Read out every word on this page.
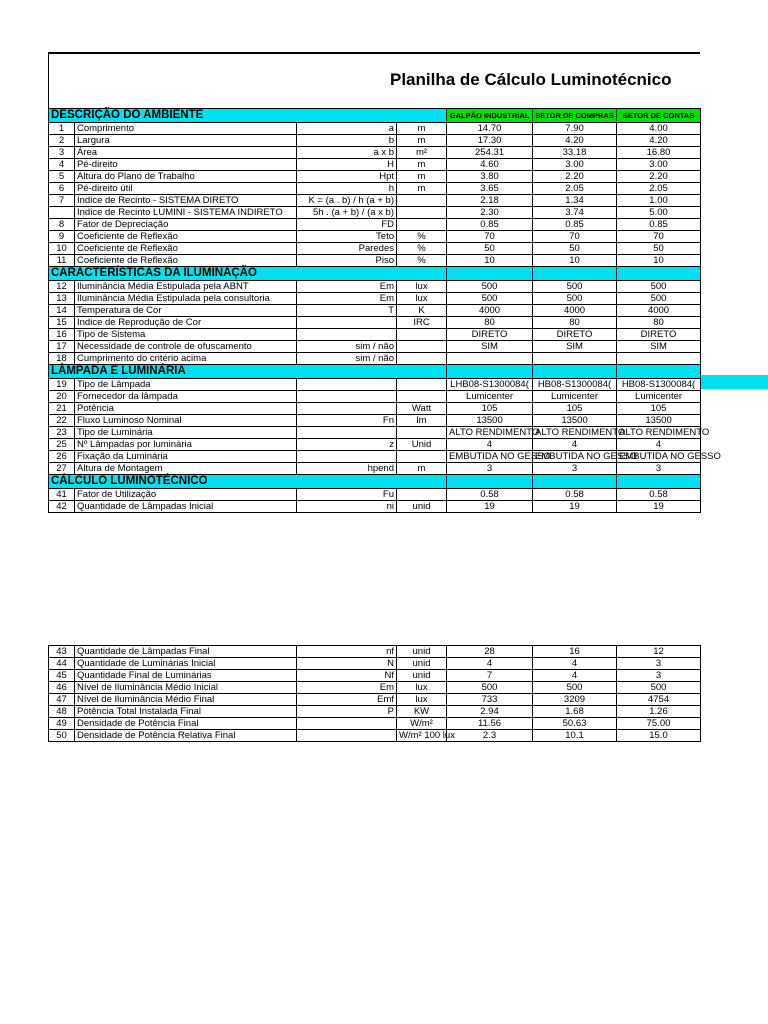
Planilha de Cálculo Luminotécnico
DESCRIÇÃO DO AMBIENTE				GALPÃO INDUSTRIAL	SETOR DE COMPRAS	SETOR DE CONTAS
1	Comprimento	a	m	14.70	7.90	4.00
2	Largura	b	m	17.30	4.20	4.20
3	Área	a x b	m²	254.31	33.18	16.80
4	Pé-direito	H	m	4.60	3.00	3.00
5	Altura do Plano de Trabalho	Hpt	m	3.80	2.20	2.20
6	Pé-direito útil	h	m	3.65	2.05	2.05
7	Indice de Recinto - SISTEMA DIRETO	K = (a . b) / h (a + b)		2.18	1.34	1.00
	Indice de Recinto LUMINI - SISTEMA INDIRETO	5h . (a + b) / (a x b)		2.30	3.74	5.00
8	Fator de Depreciação	FD		0.85	0.85	0.85
9	Coeficiente de Reflexão	Teto	%	70	70	70
10	Coeficiente de Reflexão	Paredes	%	50	50	50
11	Coeficiente de Reflexão	Piso	%	10	10	10
CARACTERÍSTICAS DA ILUMINAÇÃO						
12	Iluminância Média Estipulada pela ABNT	Em	lux	500	500	500
13	Iluminância Média Estipulada pela consultoria	Em	lux	500	500	500
14	Temperatura de Cor	T	K	4000	4000	4000
15	Indice de Reprodução de Cor		IRC	80	80	80
16	Tipo de Sistema			DIRETO	DIRETO	DIRETO
17	Necessidade de controle de ofuscamento	sim / não		SIM	SIM	SIM
18	Cumprimento do critério acima	sim / não				
LÂMPADA E LUMINÁRIA						
19	Tipo de Lâmpada			LHB08-S1300084(	HB08-S1300084(	HB08-S1300084(
20	Fornecedor da lâmpada			Lumicenter	Lumicenter	Lumicenter
21	Potência		Watt	105	105	105
22	Fluxo Luminoso Nominal	Fn	lm	13500	13500	13500
23	Tipo de Luminária			ALTO RENDIMENTO	ALTO RENDIMENTO	ALTO RENDIMENTO
25	Nº Lâmpadas por luminária	z	Unid	4	4	4
26	Fixação da Luminária			EMBUTIDA NO GESSO	EMBUTIDA NO GESSO	EMBUTIDA NO GESSO
27	Altura de Montagem	hpend	m	3	3	3
CÁLCULO LUMINOTÉCNICO						
41	Fator de Utilização	Fu		0.58	0.58	0.58
42	Quantidade de Lâmpadas Inicial	ni	unid	19	19	19
43	Quantidade de Lâmpadas Final	nf	unid	28	16	12
44	Quantidade de Luminárias Inicial	N	unid	4	4	3
45	Quantidade Final de Luminárias	Nf	unid	7	4	3
46	Nível de Iluminância Médio Inicial	Em	lux	500	500	500
47	Nível de Iluminância Médio Final	Emf	lux	733	3209	4754
48	Potência Total Instalada Final	P	KW	2.94	1.68	1.26
49	Densidade de Potência Final		W/m²	11.56	50.63	75.00
50	Densidade de Potência Relativa Final		W/m² 100 lux	2.3	10.1	15.0
